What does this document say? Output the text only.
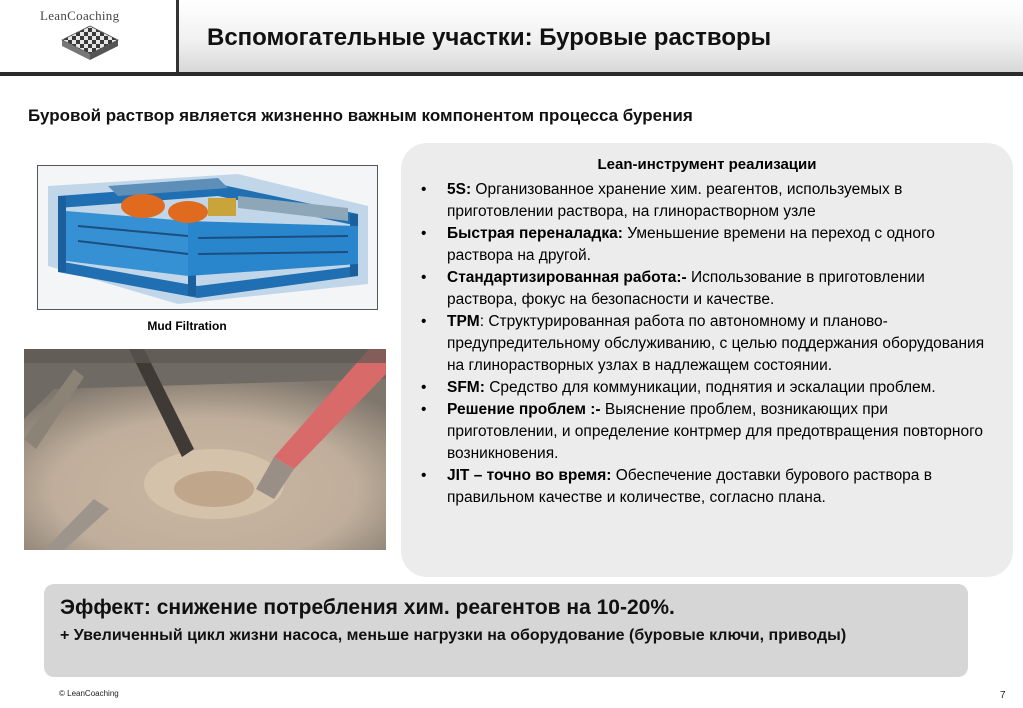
LeanCoaching
Вспомогательные участки: Буровые растворы
Буровой раствор является жизненно важным компонентом процесса бурения
Mud Filtration
Lean-инструмент реализации
• 5S: Организованное хранение хим. реагентов, используемых в приготовлении раствора, на глинорастворном узле
• Быстрая переналадка: Уменьшение времени на переход с одного раствора на другой.
• Стандартизированная работа:- Использование в приготовлении раствора, фокус на безопасности и качестве.
• TPM: Структурированная работа по автономному и планово-предупредительному обслуживанию, с целью поддержания оборудования на глинорастворных узлах в надлежащем состоянии.
• SFM: Средство для коммуникации, поднятия и эскалации проблем.
• Решение проблем :- Выяснение проблем, возникающих при приготовлении, и определение контрмер для предотвращения повторного возникновения.
• JIT – точно во время: Обеспечение доставки бурового раствора в правильном качестве и количестве, согласно плана.
Эффект: снижение потребления хим. реагентов на 10-20%.
+ Увеличенный цикл жизни насоса, меньше нагрузки на оборудование (буровые ключи, приводы)
© LeanCoaching	7
